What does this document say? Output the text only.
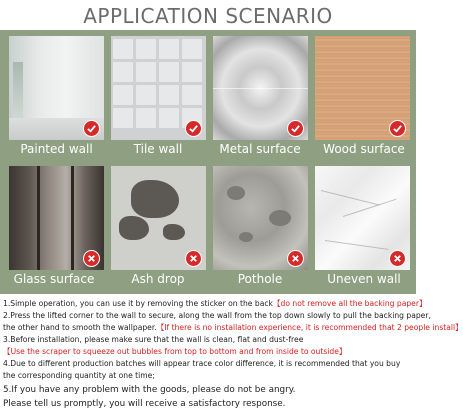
APPLICATION SCENARIO
Painted wall	Tile wall	Metal surface	Wood surface
Glass surface	Ash drop	Pothole	Uneven wall
1.Simple operation, you can use it by removing the sticker on the back【do not remove all the backing paper】
2.Press the lifted corner to the wall to secure, along the wall from the top down slowly to pull the backing paper,
the other hand to smooth the wallpaper.【If there is no installation experience, it is recommended that 2 people install】
3.Before installation, please make sure that the wall is clean, flat and dust-free
【Use the scraper to squeeze out bubbles from top to bottom and from inside to outside】
4.Due to different production batches will appear trace color difference, it is recommended that you buy
the corresponding quantity at one time;
5.If you have any problem with the goods, please do not be angry.
Please tell us promptly, you will receive a satisfactory response.
